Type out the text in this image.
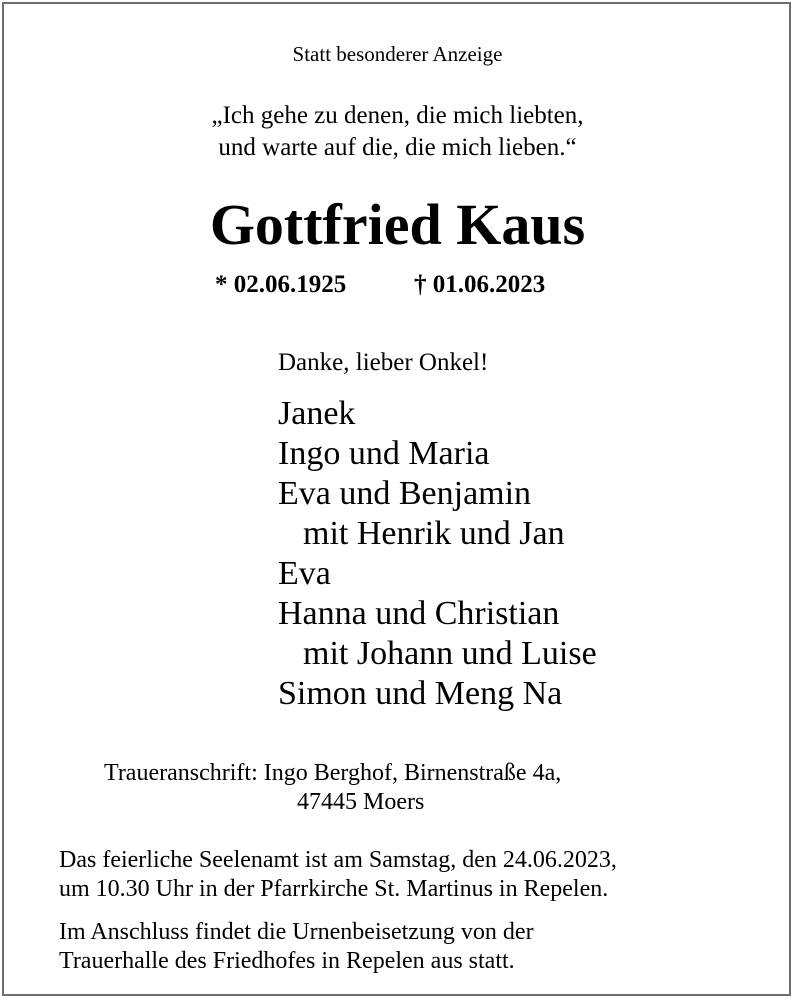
Statt besonderer Anzeige
„Ich gehe zu denen, die mich liebten,
und warte auf die, die mich lieben.“
Gottfried Kaus
* 02.06.1925	† 01.06.2023
Danke, lieber Onkel!
Janek
Ingo und Maria
Eva und Benjamin
mit Henrik und Jan
Eva
Hanna und Christian
mit Johann und Luise
Simon und Meng Na
Traueranschrift: Ingo Berghof, Birnenstraße 4a,
47445 Moers
Das feierliche Seelenamt ist am Samstag, den 24.06.2023,
um 10.30 Uhr in der Pfarrkirche St. Martinus in Repelen.
Im Anschluss findet die Urnenbeisetzung von der
Trauerhalle des Friedhofes in Repelen aus statt.
